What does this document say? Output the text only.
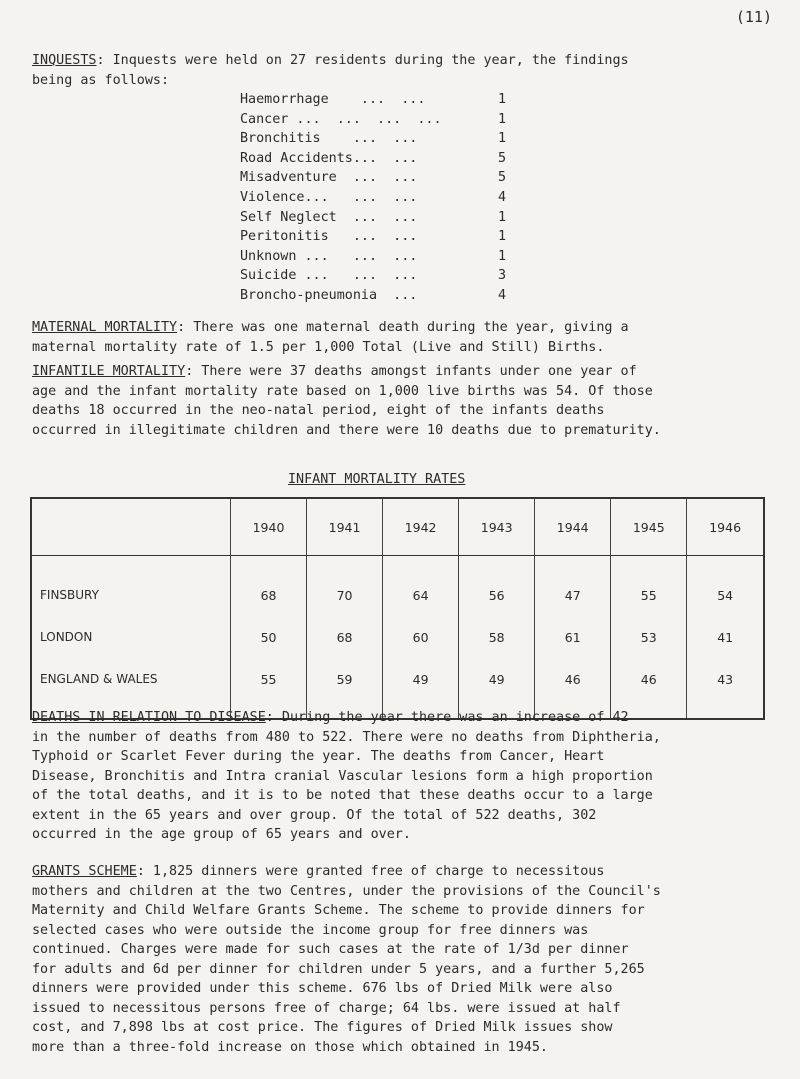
(11)

INQUESTS: Inquests were held on 27 residents during the year, the findings
being as follows:

Haemorrhage    ...  ...	1
Cancer ...  ...  ...  ...	1
Bronchitis    ...  ...	1
Road Accidents...  ...	5
Misadventure  ...  ...	5
Violence...   ...  ...	4
Self Neglect  ...  ...	1
Peritonitis   ...  ...	1
Unknown ...   ...  ...	1
Suicide ...   ...  ...	3
Broncho-pneumonia  ...	4

MATERNAL MORTALITY: There was one maternal death during the year, giving a
maternal mortality rate of 1.5 per 1,000 Total (Live and Still) Births.

INFANTILE MORTALITY: There were 37 deaths amongst infants under one year of
age and the infant mortality rate based on 1,000 live births was 54. Of those
deaths 18 occurred in the neo-natal period, eight of the infants deaths
occurred in illegitimate children and there were 10 deaths due to prematurity.

INFANT MORTALITY RATES
	1940	1941	1942	1943	1944	1945	1946

FINSBURY	68	70	64	56	47	55	54
LONDON	50	68	60	58	61	53	41
ENGLAND & WALES	55	59	49	49	46	46	43

DEATHS IN RELATION TO DISEASE: During the year there was an increase of 42
in the number of deaths from 480 to 522. There were no deaths from Diphtheria,
Typhoid or Scarlet Fever during the year. The deaths from Cancer, Heart
Disease, Bronchitis and Intra cranial Vascular lesions form a high proportion
of the total deaths, and it is to be noted that these deaths occur to a large
extent in the 65 years and over group. Of the total of 522 deaths, 302
occurred in the age group of 65 years and over.

GRANTS SCHEME: 1,825 dinners were granted free of charge to necessitous
mothers and children at the two Centres, under the provisions of the Council's
Maternity and Child Welfare Grants Scheme. The scheme to provide dinners for
selected cases who were outside the income group for free dinners was
continued. Charges were made for such cases at the rate of 1/3d per dinner
for adults and 6d per dinner for children under 5 years, and a further 5,265
dinners were provided under this scheme. 676 lbs of Dried Milk were also
issued to necessitous persons free of charge; 64 lbs. were issued at half
cost, and 7,898 lbs at cost price. The figures of Dried Milk issues show
more than a three-fold increase on those which obtained in 1945.
